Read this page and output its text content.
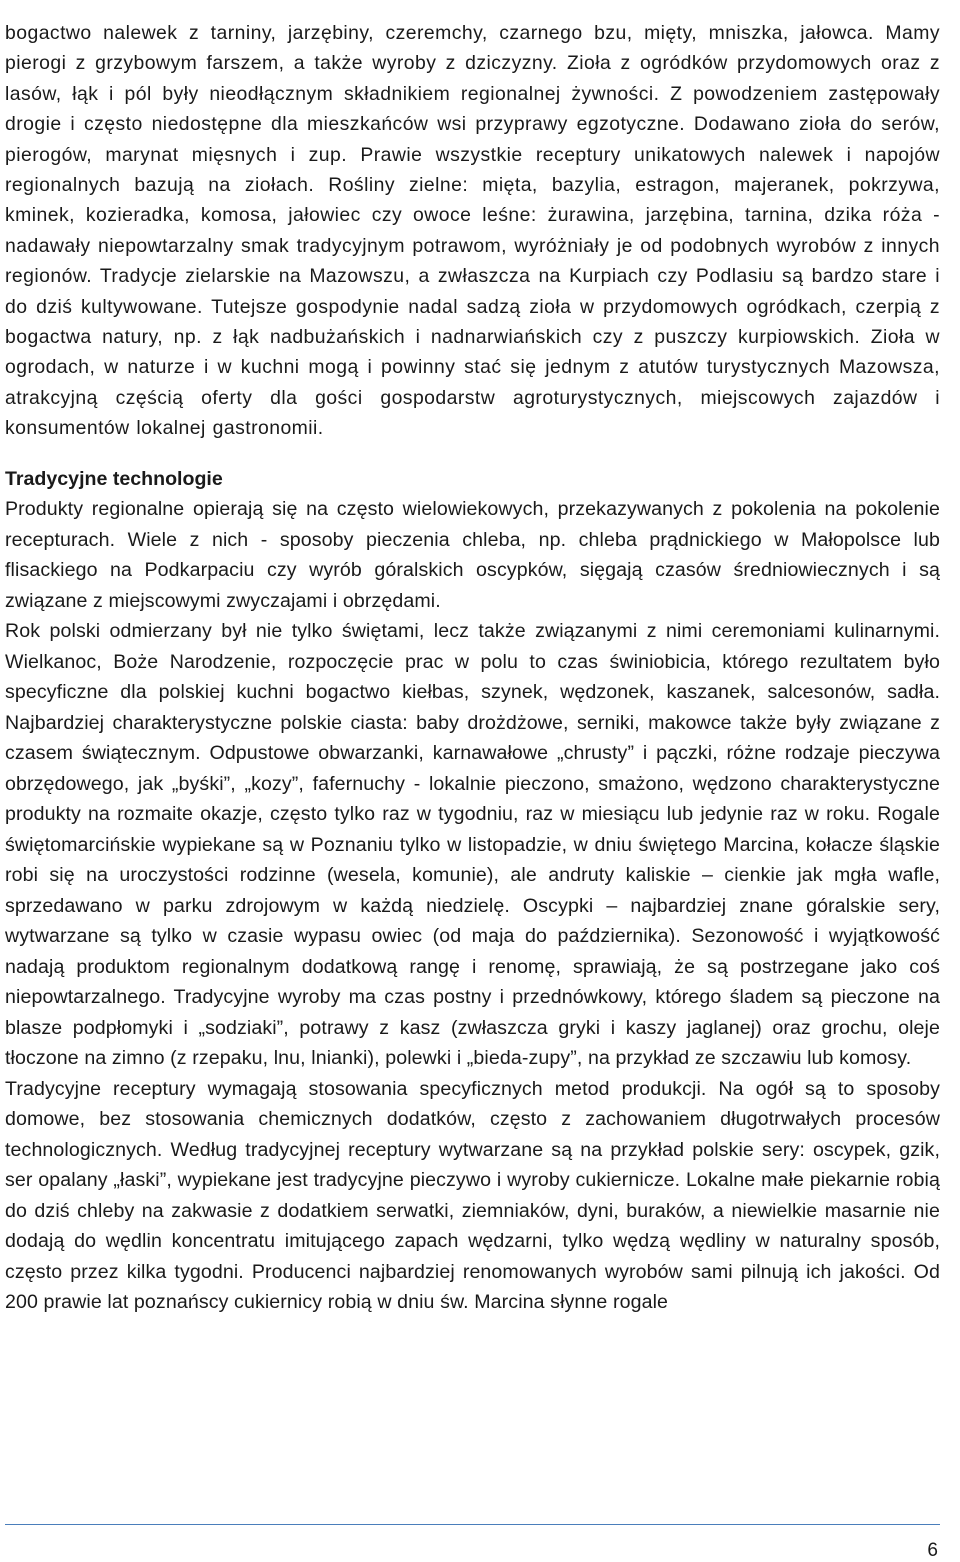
bogactwo nalewek z tarniny, jarzębiny, czeremchy, czarnego bzu, mięty, mniszka, jałowca. Mamy pierogi z grzybowym farszem, a także wyroby z dziczyzny. Zioła z ogródków przydomowych oraz z lasów, łąk i pól były nieodłącznym składnikiem regionalnej żywności. Z powodzeniem zastępowały drogie i często niedostępne dla mieszkańców wsi przyprawy egzotyczne. Dodawano zioła do serów, pierogów, marynat mięsnych i zup. Prawie wszystkie receptury unikatowych nalewek i napojów regionalnych bazują na ziołach. Rośliny zielne: mięta, bazylia, estragon, majeranek, pokrzywa, kminek, kozieradka, komosa, jałowiec czy owoce leśne: żurawina, jarzębina, tarnina, dzika róża - nadawały niepowtarzalny smak tradycyjnym potrawom, wyróżniały je od podobnych wyrobów z innych regionów. Tradycje zielarskie na Mazowszu, a zwłaszcza na Kurpiach czy Podlasiu są bardzo stare i do dziś kultywowane. Tutejsze gospodynie nadal sadzą zioła w przydomowych ogródkach, czerpią z bogactwa natury, np. z łąk nadbużańskich i nadnarwiańskich czy z puszczy kurpiowskich. Zioła w ogrodach, w naturze i w kuchni mogą i powinny stać się jednym z atutów turystycznych Mazowsza, atrakcyjną częścią oferty dla gości gospodarstw agroturystycznych, miejscowych zajazdów i konsumentów lokalnej gastronomii.

Tradycyjne technologie

Produkty regionalne opierają się na często wielowiekowych, przekazywanych z pokolenia na pokolenie recepturach. Wiele z nich - sposoby pieczenia chleba, np. chleba prądnickiego w Małopolsce lub flisackiego na Podkarpaciu czy wyrób góralskich oscypków, sięgają czasów średniowiecznych i są związane z miejscowymi zwyczajami i obrzędami.

Rok polski odmierzany był nie tylko świętami, lecz także związanymi z nimi ceremoniami kulinarnymi. Wielkanoc, Boże Narodzenie, rozpoczęcie prac w polu to czas świniobicia, którego rezultatem było specyficzne dla polskiej kuchni bogactwo kiełbas, szynek, wędzonek, kaszanek, salcesonów, sadła. Najbardziej charakterystyczne polskie ciasta: baby drożdżowe, serniki, makowce także były związane z czasem świątecznym. Odpustowe obwarzanki, karnawałowe „chrusty” i pączki, różne rodzaje pieczywa obrzędowego, jak „byśki”, „kozy”, fafernuchy - lokalnie pieczono, smażono, wędzono charakterystyczne produkty na rozmaite okazje, często tylko raz w tygodniu, raz w miesiącu lub jedynie raz w roku. Rogale świętomarcińskie wypiekane są w Poznaniu tylko w listopadzie, w dniu świętego Marcina, kołacze śląskie robi się na uroczystości rodzinne (wesela, komunie), ale andruty kaliskie – cienkie jak mgła wafle, sprzedawano w parku zdrojowym w każdą niedzielę. Oscypki – najbardziej znane góralskie sery, wytwarzane są tylko w czasie wypasu owiec (od maja do października). Sezonowość i wyjątkowość nadają produktom regionalnym dodatkową rangę i renomę, sprawiają, że są postrzegane jako coś niepowtarzalnego. Tradycyjne wyroby ma czas postny i przednówkowy, którego śladem są pieczone na blasze podpłomyki i „sodziaki”, potrawy z kasz (zwłaszcza gryki i kaszy jaglanej) oraz grochu, oleje tłoczone na zimno (z rzepaku, lnu, lnianki), polewki i „bieda-zupy”, na przykład ze szczawiu lub komosy.

Tradycyjne receptury wymagają stosowania specyficznych metod produkcji. Na ogół są to sposoby domowe, bez stosowania chemicznych dodatków, często z zachowaniem długotrwałych procesów technologicznych. Według tradycyjnej receptury wytwarzane są na przykład polskie sery: oscypek, gzik, ser opalany „łaski”, wypiekane jest tradycyjne pieczywo i wyroby cukiernicze. Lokalne małe piekarnie robią do dziś chleby na zakwasie z dodatkiem serwatki, ziemniaków, dyni, buraków, a niewielkie masarnie nie dodają do wędlin koncentratu imitującego zapach wędzarni, tylko wędzą wędliny w naturalny sposób, często przez kilka tygodni. Producenci najbardziej renomowanych wyrobów sami pilnują ich jakości. Od 200 prawie lat poznańscy cukiernicy robią w dniu św. Marcina słynne rogale

6
